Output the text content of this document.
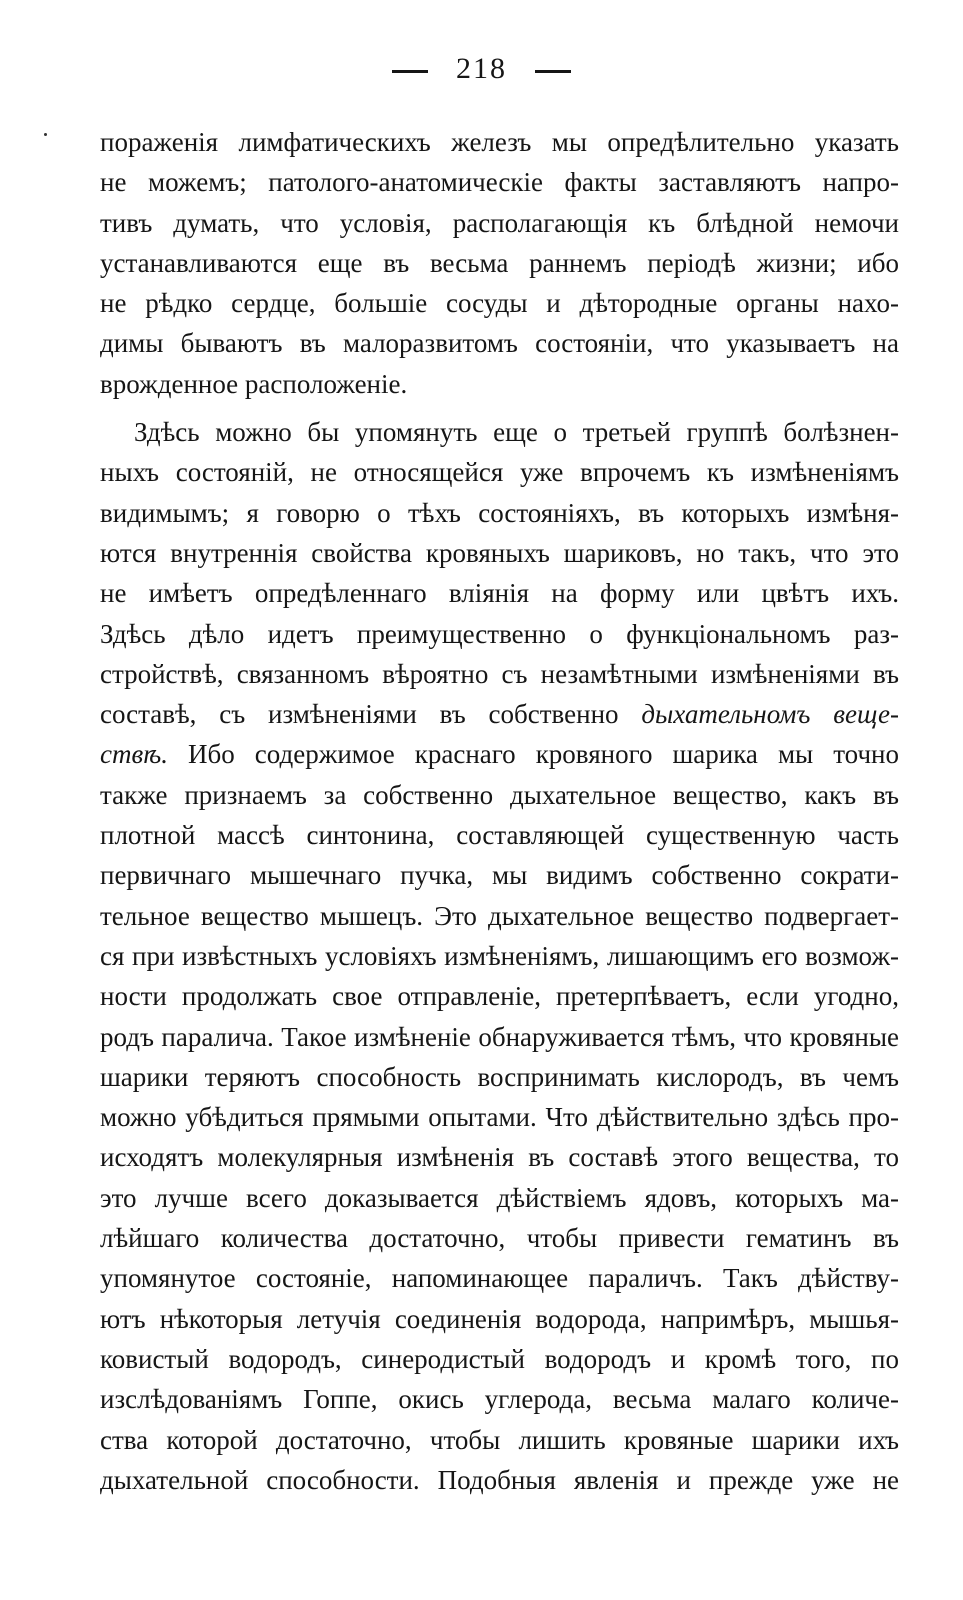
218
пораженія лимфатическихъ железъ мы опредѣлительно указать
не можемъ; патолого-анатомическіе факты заставляютъ напро-
тивъ думать, что условія, располагающія къ блѣдной немочи
устанавливаются еще въ весьма раннемъ періодѣ жизни; ибо
не рѣдко сердце, большіе сосуды и дѣтородные органы нахо-
димы бываютъ въ малоразвитомъ состояніи, что указываетъ на
врожденное расположеніе.
Здѣсь можно бы упомянуть еще о третьей группѣ болѣзнен-
ныхъ состояній, не относящейся уже впрочемъ къ измѣненіямъ
видимымъ; я говорю о тѣхъ состояніяхъ, въ которыхъ измѣня-
ются внутреннія свойства кровяныхъ шариковъ, но такъ, что это
не имѣетъ опредѣленнаго вліянія на форму или цвѣтъ ихъ.
Здѣсь дѣло идетъ преимущественно о функціональномъ раз-
стройствѣ, связанномъ вѣроятно съ незамѣтными измѣненіями въ
составѣ, съ измѣненіями въ собственно дыхательномъ веще-
ствѣ. Ибо содержимое краснаго кровяного шарика мы точно
также признаемъ за собственно дыхательное вещество, какъ въ
плотной массѣ синтонина, составляющей существенную часть
первичнаго мышечнаго пучка, мы видимъ собственно сократи-
тельное вещество мышецъ. Это дыхательное вещество подвергает-
ся при извѣстныхъ условіяхъ измѣненіямъ, лишающимъ его возмож-
ности продолжать свое отправленіе, претерпѣваетъ, если угодно,
родъ паралича. Такое измѣненіе обнаруживается тѣмъ, что кровяные
шарики теряютъ способность воспринимать кислородъ, въ чемъ
можно убѣдиться прямыми опытами. Что дѣйствительно здѣсь про-
исходятъ молекулярныя измѣненія въ составѣ этого вещества, то
это лучше всего доказывается дѣйствіемъ ядовъ, которыхъ ма-
лѣйшаго количества достаточно, чтобы привести гематинъ въ
упомянутое состояніе, напоминающее параличъ. Такъ дѣйству-
ютъ нѣкоторыя летучія соединенія водорода, напримѣръ, мышья-
ковистый водородъ, синеродистый водородъ и кромѣ того, по
изслѣдованіямъ Гоппе, окись углерода, весьма малаго количе-
ства которой достаточно, чтобы лишить кровяные шарики ихъ
дыхательной способности. Подобныя явленія и прежде уже не
